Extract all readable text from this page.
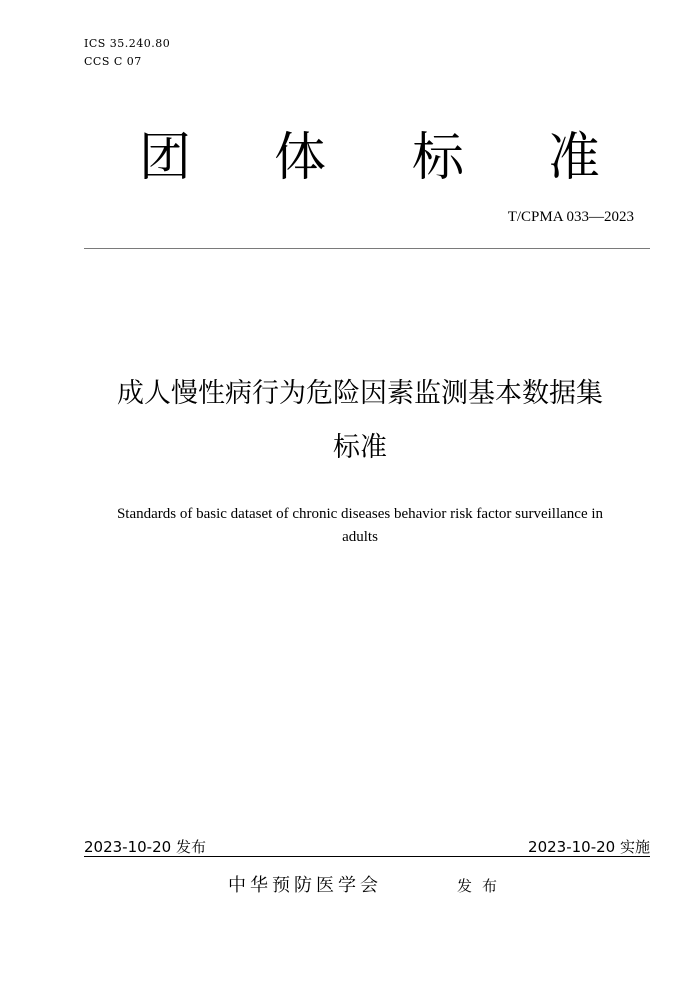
ICS 35.240.80
CCS C 07
团 体 标 准
T/CPMA 033—2023
成人慢性病行为危险因素监测基本数据集
标准
Standards of basic dataset of chronic diseases behavior risk factor surveillance in
adults
2023-10-20 发布	2023-10-20 实施
中华预防医学会	发布
